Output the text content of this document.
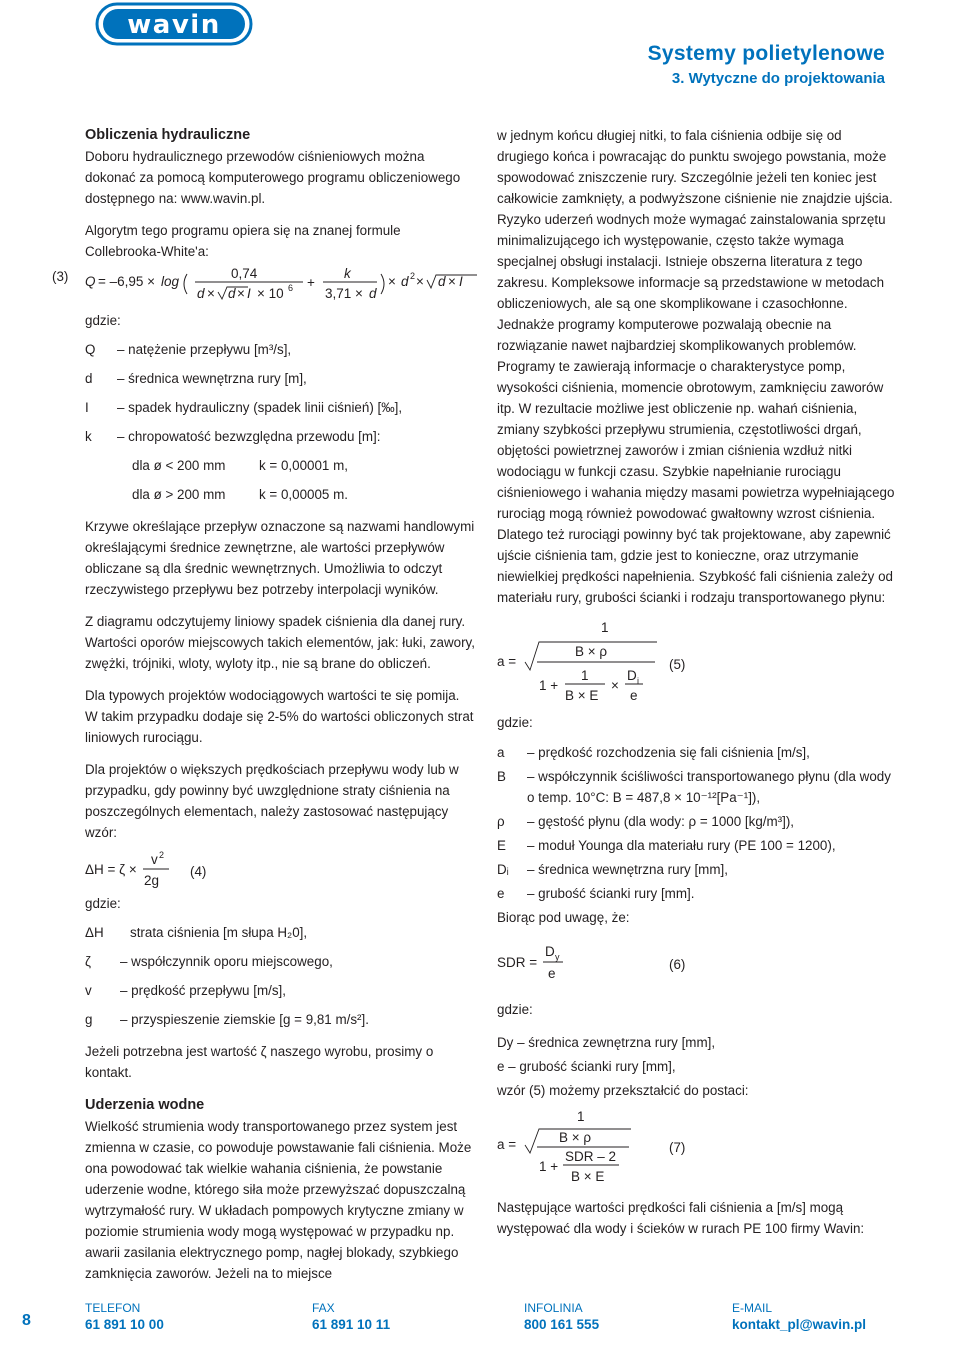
wavin
Systemy polietylenowe
3. Wytyczne do projektowania
Obliczenia hydrauliczne

Doboru hydraulicznego przewodów ciśnieniowych można dokonać za pomocą komputerowego programu obliczeniowego dostępnego na: www.wavin.pl.

Algorytm tego programu opiera się na znanej formule Collebrooka-White'a:

(3) Q = –6,95 × log
0,74
d × d × I × 10 6 +
k
3,71 × d
× d 2 × d × I

gdzie:

Q	– natężenie przepływu [m³/s],
d	– średnica wewnętrzna rury [m],
I	– spadek hydrauliczny (spadek linii ciśnień) [‰],
k	– chropowatość bezwzględna przewodu [m]:
dla ø < 200 mm	k = 0,00001 m,
dla ø > 200 mm	k = 0,00005 m.

Krzywe określające przepływ oznaczone są nazwami handlowymi określającymi średnice zewnętrzne, ale wartości przepływów obliczane są dla średnic wewnętrznych. Umożliwia to odczyt rzeczywistego przepływu bez potrzeby interpolacji wyników.

Z diagramu odczytujemy liniowy spadek ciśnienia dla danej rury. Wartości oporów miejscowych takich elementów, jak: łuki, zawory, zwężki, trójniki, wloty, wyloty itp., nie są brane do obliczeń.

Dla typowych projektów wodociągowych wartości te się pomija. W takim przypadku dodaje się 2-5% do wartości obliczonych strat liniowych rurociągu.

Dla projektów o większych prędkościach przepływu wody lub w przypadku, gdy powinny być uwzględnione straty ciśnienia na poszczególnych elementach, należy zastosować następujący wzór:

ΔH = ζ ×
v 2
2g
(4)

gdzie:

ΔH	strata ciśnienia [m słupa H₂0],
ζ	– współczynnik oporu miejscowego,
v	– prędkość przepływu [m/s],
g	– przyspieszenie ziemskie [g = 9,81 m/s²].

Jeżeli potrzebna jest wartość ζ naszego wyrobu, prosimy o kontakt.

Uderzenia wodne

Wielkość strumienia wody transportowanego przez system jest zmienna w czasie, co powoduje powstawanie fali ciśnienia. Może ona powodować tak wielkie wahania ciśnienia, że powstanie uderzenie wodne, którego siła może przewyższać dopuszczalną wytrzymałość rury. W układach pompowych krytyczne zmiany w poziomie strumienia wody mogą występować w przypadku np. awarii zasilania elektrycznego pomp, nagłej blokady, szybkiego zamknięcia zaworów. Jeżeli na to miejsce

w jednym końcu długiej nitki, to fala ciśnienia odbije się od drugiego końca i powracając do punktu swojego powstania, może spowodować zniszczenie rury. Szczególnie jeżeli ten koniec jest całkowicie zamknięty, a podwyższone ciśnienie nie znajdzie ujścia. Ryzyko uderzeń wodnych może wymagać zainstalowania sprzętu minimalizującego ich występowanie, często także wymaga specjalnej obsługi instalacji. Istnieje obszerna literatura z tego zakresu. Kompleksowe informacje są przedstawione w metodach obliczeniowych, ale są one skomplikowane i czasochłonne. Jednakże programy komputerowe pozwalają obecnie na rozwiązanie nawet najbardziej skomplikowanych problemów. Programy te zawierają informacje o charakterystyce pomp, wysokości ciśnienia, momencie obrotowym, zamknięciu zaworów itp. W rezultacie możliwe jest obliczenie np. wahań ciśnienia, zmiany szybkości przepływu strumienia, częstotliwości drgań, objętości powietrznej zaworów i zmian ciśnienia wzdłuż nitki wodociągu w funkcji czasu. Szybkie napełnianie rurociągu ciśnieniowego i wahania między masami powietrza wypełniającego rurociąg mogą również powodować gwałtowny wzrost ciśnienia. Dlatego też rurociągi powinny być tak projektowane, aby zapewnić ujście ciśnienia tam, gdzie jest to konieczne, oraz utrzymanie niewielkiej prędkości napełnienia. Szybkość fali ciśnienia zależy od materiału rury, grubości ścianki i rodzaju transportowanego płynu:

a =
1
B × ρ
1 +
1
B × E
×
D i
e
(5)

gdzie:

a	– prędkość rozchodzenia się fali ciśnienia [m/s],
B	– współczynnik ściśliwości transportowanego płynu (dla wody o temp. 10°C: B = 487,8 × 10⁻¹²[Pa⁻¹]),
ρ	– gęstość płynu (dla wody: ρ = 1000 [kg/m³]),
E	– moduł Younga dla materiału rury (PE 100 = 1200),
Dᵢ	– średnica wewnętrzna rury [mm],
e	– grubość ścianki rury [mm].

Biorąc pod uwagę, że:

SDR =
D y
e
(6)

gdzie:

Dy – średnica zewnętrzna rury [mm],

e – grubość ścianki rury [mm],

wzór (5) możemy przekształcić do postaci:

a =
1
B × ρ
1 +
SDR – 2
B × E
(7)

Następujące wartości prędkości fali ciśnienia a [m/s] mogą występować dla wody i ścieków w rurach PE 100 firmy Wavin:

8
TELEFON
61 891 10 00
FAX
61 891 10 11
INFOLINIA
800 161 555
E-MAIL
kontakt_pl@wavin.pl
